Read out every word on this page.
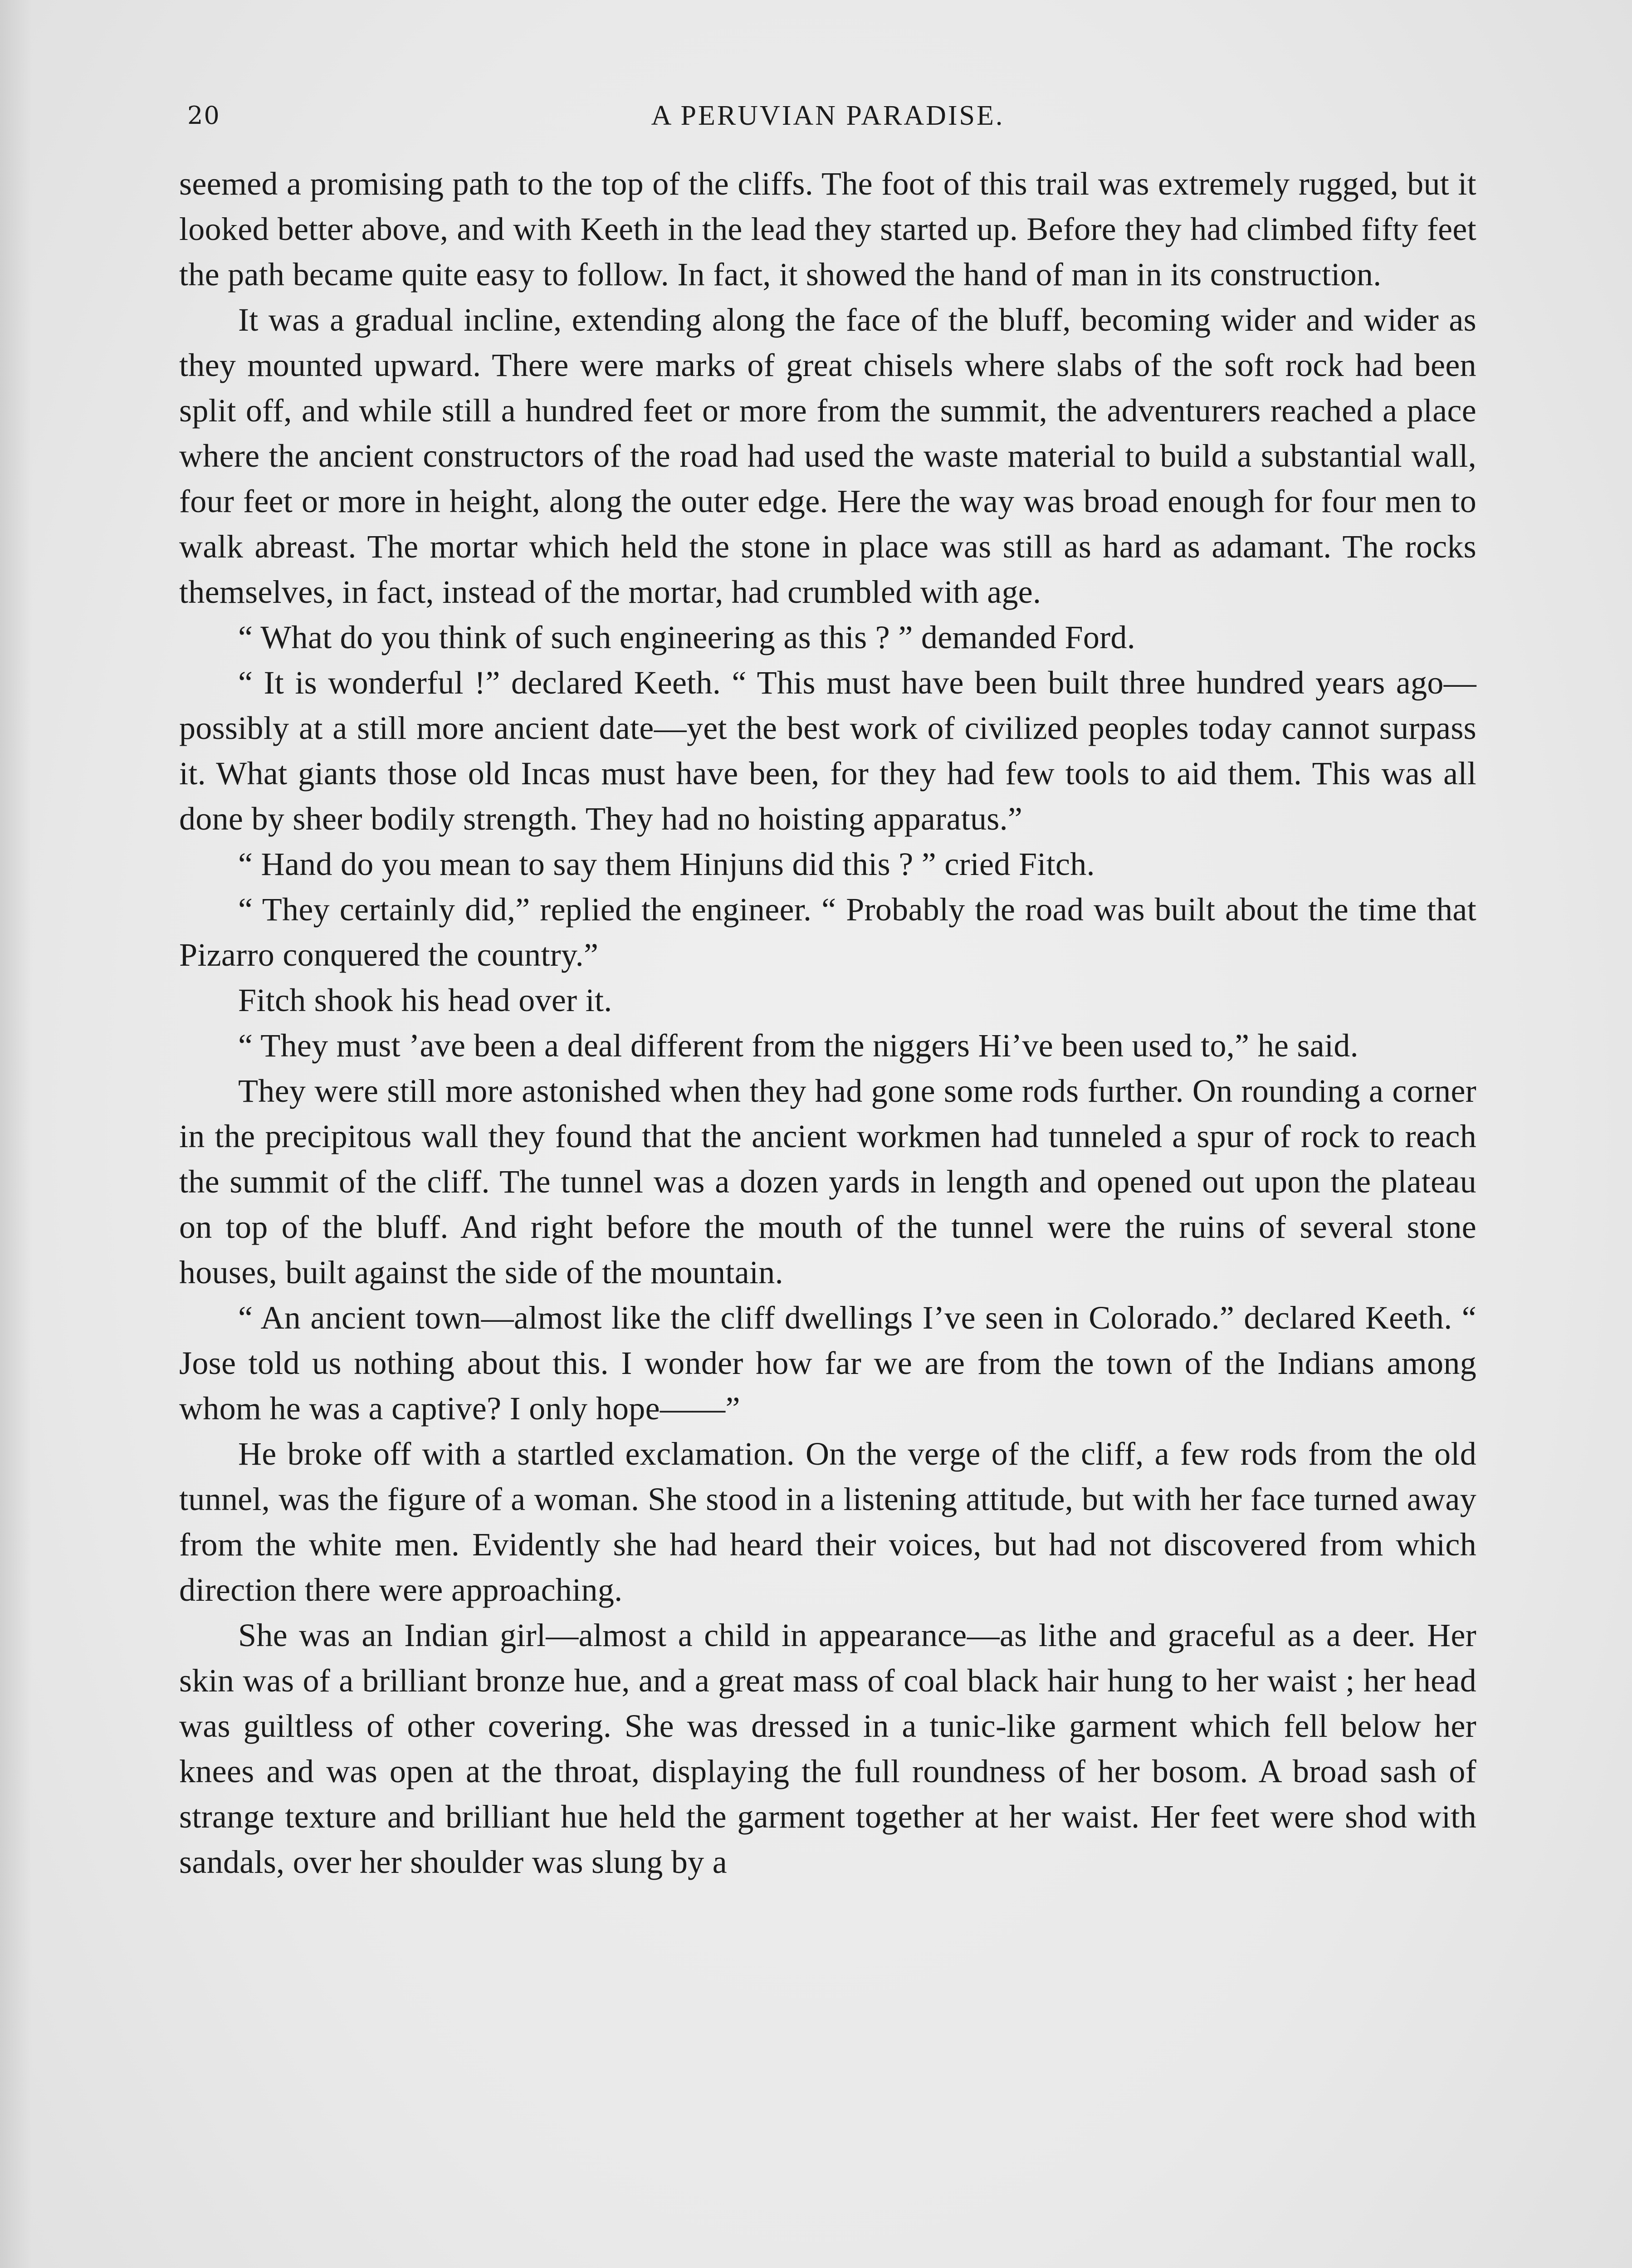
20	A PERUVIAN PARADISE.

seemed a promising path to the top of the cliffs. The foot of this trail was extremely rugged, but it looked better above, and with Keeth in the lead they started up. Before they had climbed fifty feet the path became quite easy to follow. In fact, it showed the hand of man in its construction.

It was a gradual incline, extending along the face of the bluff, becoming wider and wider as they mounted upward. There were marks of great chisels where slabs of the soft rock had been split off, and while still a hundred feet or more from the summit, the adventurers reached a place where the ancient constructors of the road had used the waste material to build a substantial wall, four feet or more in height, along the outer edge. Here the way was broad enough for four men to walk abreast. The mortar which held the stone in place was still as hard as adamant. The rocks themselves, in fact, instead of the mortar, had crumbled with age.

“ What do you think of such engineering as this ? ” demanded Ford.

“ It is wonderful !” declared Keeth. “ This must have been built three hundred years ago—possibly at a still more ancient date—yet the best work of civilized peoples today cannot surpass it. What giants those old Incas must have been, for they had few tools to aid them. This was all done by sheer bodily strength. They had no hoisting apparatus.”

“ Hand do you mean to say them Hinjuns did this ? ” cried Fitch.

“ They certainly did,” replied the engineer. “ Probably the road was built about the time that Pizarro conquered the country.”

Fitch shook his head over it.

“ They must ’ave been a deal different from the niggers Hi’ve been used to,” he said.

They were still more astonished when they had gone some rods further. On rounding a corner in the precipitous wall they found that the ancient workmen had tunneled a spur of rock to reach the summit of the cliff. The tunnel was a dozen yards in length and opened out upon the plateau on top of the bluff. And right before the mouth of the tunnel were the ruins of several stone houses, built against the side of the mountain.

“ An ancient town—almost like the cliff dwellings I’ve seen in Colorado.” declared Keeth. “ Jose told us nothing about this. I wonder how far we are from the town of the Indians among whom he was a captive? I only hope——”

He broke off with a startled exclamation. On the verge of the cliff, a few rods from the old tunnel, was the figure of a woman. She stood in a listening attitude, but with her face turned away from the white men. Evidently she had heard their voices, but had not discovered from which direction there were approaching.

She was an Indian girl—almost a child in appearance—as lithe and graceful as a deer. Her skin was of a brilliant bronze hue, and a great mass of coal black hair hung to her waist ; her head was guiltless of other covering. She was dressed in a tunic-like garment which fell below her knees and was open at the throat, displaying the full roundness of her bosom. A broad sash of strange texture and brilliant hue held the garment together at her waist. Her feet were shod with sandals, over her shoulder was slung by a
